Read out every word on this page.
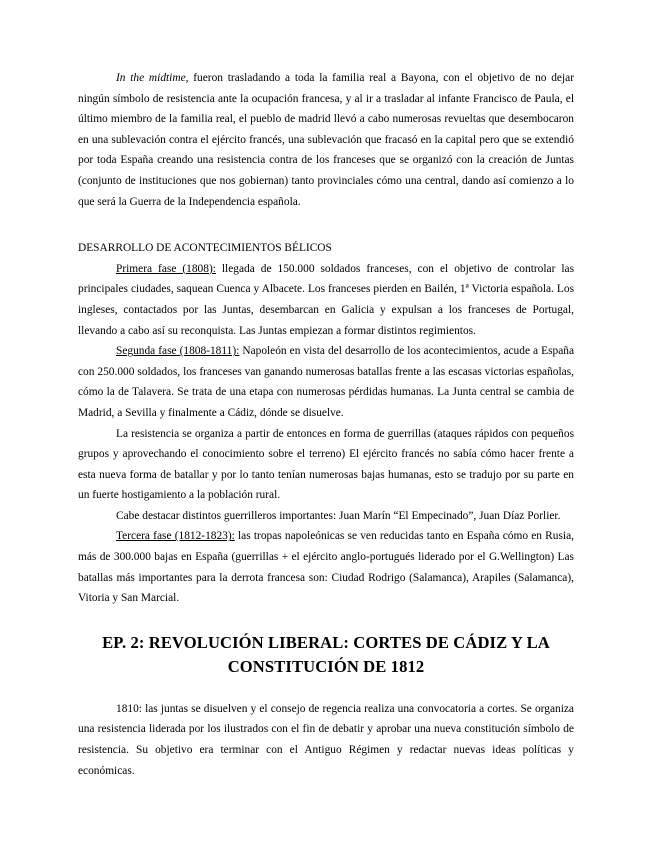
In the midtime, fueron trasladando a toda la familia real a Bayona, con el objetivo de no dejar ningún símbolo de resistencia ante la ocupación francesa, y al ir a trasladar al infante Francisco de Paula, el último miembro de la familia real, el pueblo de madrid llevó a cabo numerosas revueltas que desembocaron en una sublevación contra el ejército francés, una sublevación que fracasó en la capital pero que se extendió por toda España creando una resistencia contra de los franceses que se organizó con la creación de Juntas (conjunto de instituciones que nos gobiernan) tanto provinciales cómo una central, dando así comienzo a lo que será la Guerra de la Independencia española.

DESARROLLO DE ACONTECIMIENTOS BÉLICOS

Primera fase (1808): llegada de 150.000 soldados franceses, con el objetivo de controlar las principales ciudades, saquean Cuenca y Albacete. Los franceses pierden en Bailén, 1ª Victoria española. Los ingleses, contactados por las Juntas, desembarcan en Galicia y expulsan a los franceses de Portugal, llevando a cabo así su reconquista. Las Juntas empiezan a formar distintos regimientos.

Segunda fase (1808-1811): Napoleón en vista del desarrollo de los acontecimientos, acude a España con 250.000 soldados, los franceses van ganando numerosas batallas frente a las escasas victorias españolas, cómo la de Talavera. Se trata de una etapa con numerosas pérdidas humanas. La Junta central se cambia de Madrid, a Sevilla y finalmente a Cádiz, dónde se disuelve.

La resistencia se organiza a partir de entonces en forma de guerrillas (ataques rápidos con pequeños grupos y aprovechando el conocimiento sobre el terreno) El ejército francés no sabía cómo hacer frente a esta nueva forma de batallar y por lo tanto tenían numerosas bajas humanas, esto se tradujo por su parte en un fuerte hostigamiento a la población rural.

Cabe destacar distintos guerrilleros importantes: Juan Marín “El Empecinado”, Juan Díaz Porlier.

Tercera fase (1812-1823): las tropas napoleónicas se ven reducidas tanto en España cómo en Rusia, más de 300.000 bajas en España (guerrillas + el ejército anglo-portugués liderado por el G.Wellington) Las batallas más importantes para la derrota francesa son: Ciudad Rodrigo (Salamanca), Arapiles (Salamanca), Vitoria y San Marcial.

EP. 2: REVOLUCIÓN LIBERAL: CORTES DE CÁDIZ Y LA CONSTITUCIÓN DE 1812

1810: las juntas se disuelven y el consejo de regencia realiza una convocatoria a cortes. Se organiza una resistencia liderada por los ilustrados con el fin de debatir y aprobar una nueva constitución símbolo de resistencia. Su objetivo era terminar con el Antiguo Régimen y redactar nuevas ideas políticas y económicas.
